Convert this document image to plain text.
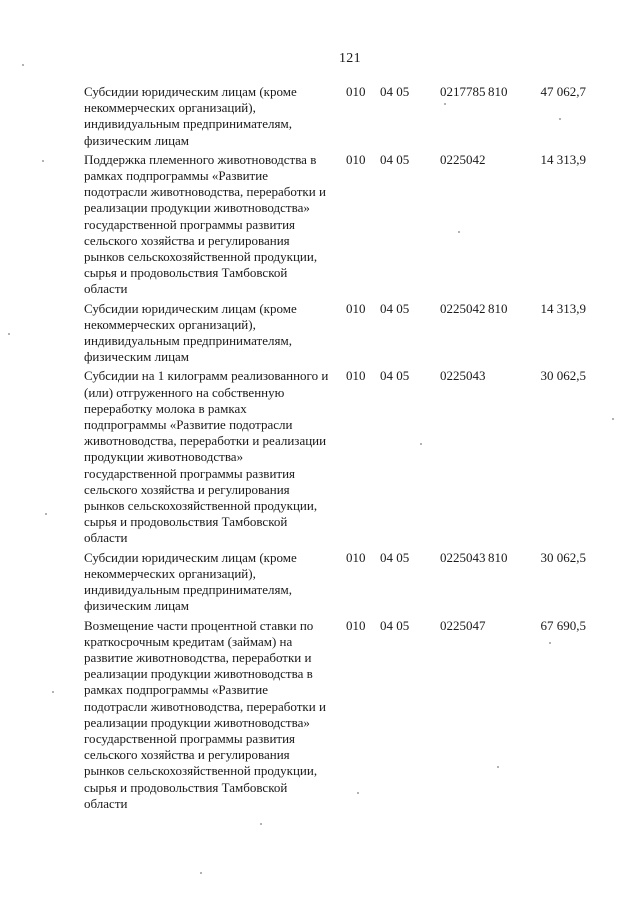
121
Субсидии юридическим лицам (кроме
некоммерческих организаций),
индивидуальным предпринимателям,
физическим лицам
010 04 05 0217785 810	47 062,7
Поддержка племенного животноводства в
рамках подпрограммы «Развитие
подотрасли животноводства, переработки и
реализации продукции животноводства»
государственной программы развития
сельского хозяйства и регулирования
рынков сельскохозяйственной продукции,
сырья и продовольствия Тамбовской
области
010 04 05 0225042	14 313,9
Субсидии юридическим лицам (кроме
некоммерческих организаций),
индивидуальным предпринимателям,
физическим лицам
010 04 05 0225042 810	14 313,9
Субсидии на 1 килограмм реализованного и
(или) отгруженного на собственную
переработку молока в рамках
подпрограммы «Развитие подотрасли
животноводства, переработки и реализации
продукции животноводства»
государственной программы развития
сельского хозяйства и регулирования
рынков сельскохозяйственной продукции,
сырья и продовольствия Тамбовской
области
010 04 05 0225043	30 062,5
Субсидии юридическим лицам (кроме
некоммерческих организаций),
индивидуальным предпринимателям,
физическим лицам
010 04 05 0225043 810	30 062,5
Возмещение части процентной ставки по
краткосрочным кредитам (займам) на
развитие животноводства, переработки и
реализации продукции животноводства в
рамках подпрограммы «Развитие
подотрасли животноводства, переработки и
реализации продукции животноводства»
государственной программы развития
сельского хозяйства и регулирования
рынков сельскохозяйственной продукции,
сырья и продовольствия Тамбовской
области
010 04 05 0225047	67 690,5
